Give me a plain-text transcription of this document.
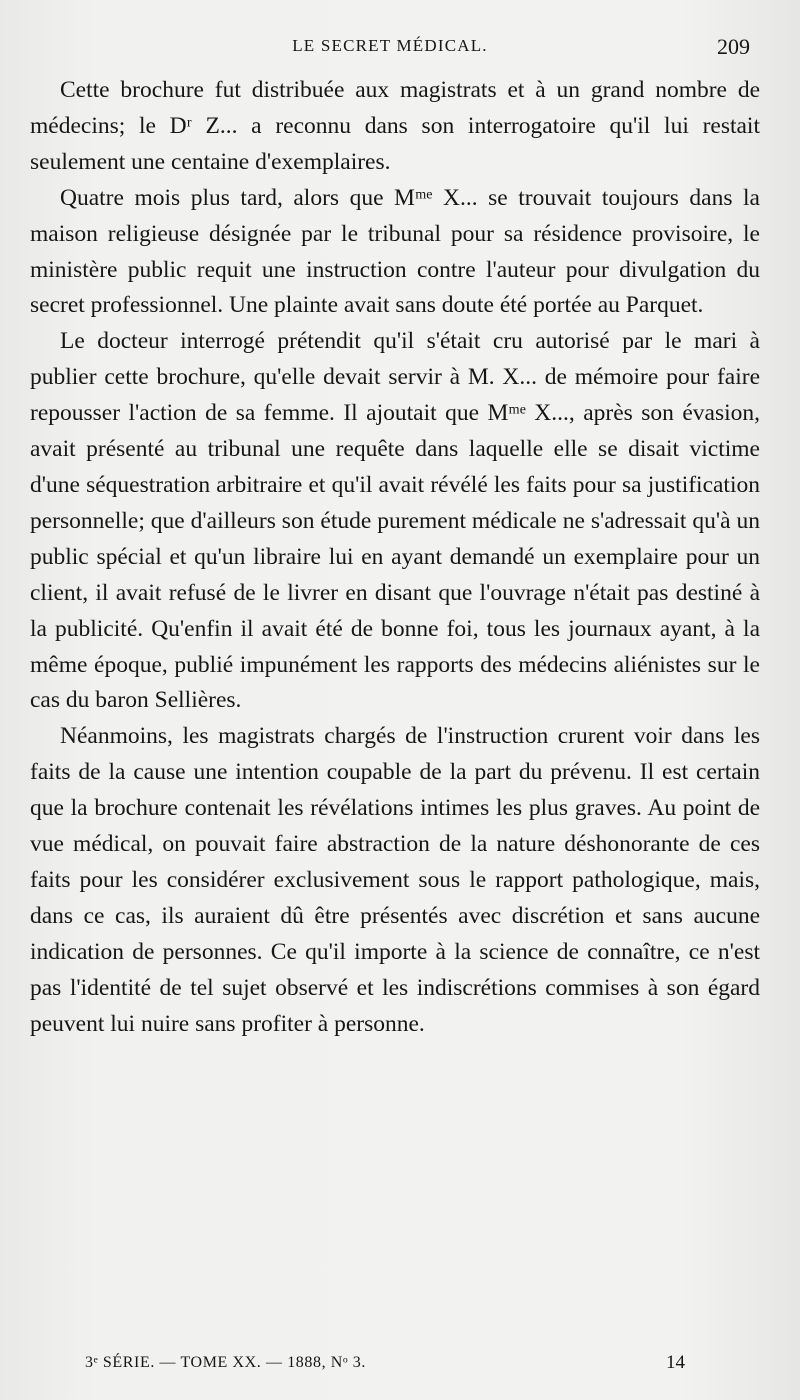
LE SECRET MÉDICAL.	209

Cette brochure fut distribuée aux magistrats et à un grand nombre de médecins; le Dʳ Z... a reconnu dans son interrogatoire qu'il lui restait seulement une centaine d'exemplaires.

Quatre mois plus tard, alors que Mᵐᵉ X... se trouvait toujours dans la maison religieuse désignée par le tribunal pour sa résidence provisoire, le ministère public requit une instruction contre l'auteur pour divulgation du secret professionnel. Une plainte avait sans doute été portée au Parquet.

Le docteur interrogé prétendit qu'il s'était cru autorisé par le mari à publier cette brochure, qu'elle devait servir à M. X... de mémoire pour faire repousser l'action de sa femme. Il ajoutait que Mᵐᵉ X..., après son évasion, avait présenté au tribunal une requête dans laquelle elle se disait victime d'une séquestration arbitraire et qu'il avait révélé les faits pour sa justification personnelle; que d'ailleurs son étude purement médicale ne s'adressait qu'à un public spécial et qu'un libraire lui en ayant demandé un exemplaire pour un client, il avait refusé de le livrer en disant que l'ouvrage n'était pas destiné à la publicité. Qu'enfin il avait été de bonne foi, tous les journaux ayant, à la même époque, publié impunément les rapports des médecins aliénistes sur le cas du baron Sellières.

Néanmoins, les magistrats chargés de l'instruction crurent voir dans les faits de la cause une intention coupable de la part du prévenu. Il est certain que la brochure contenait les révélations intimes les plus graves. Au point de vue médical, on pouvait faire abstraction de la nature déshonorante de ces faits pour les considérer exclusivement sous le rapport pathologique, mais, dans ce cas, ils auraient dû être présentés avec discrétion et sans aucune indication de personnes. Ce qu'il importe à la science de connaître, ce n'est pas l'identité de tel sujet observé et les indiscrétions commises à son égard peuvent lui nuire sans profiter à personne.

3ᵉ SÉRIE. — TOME XX. — 1888, Nᵒ 3.	14
